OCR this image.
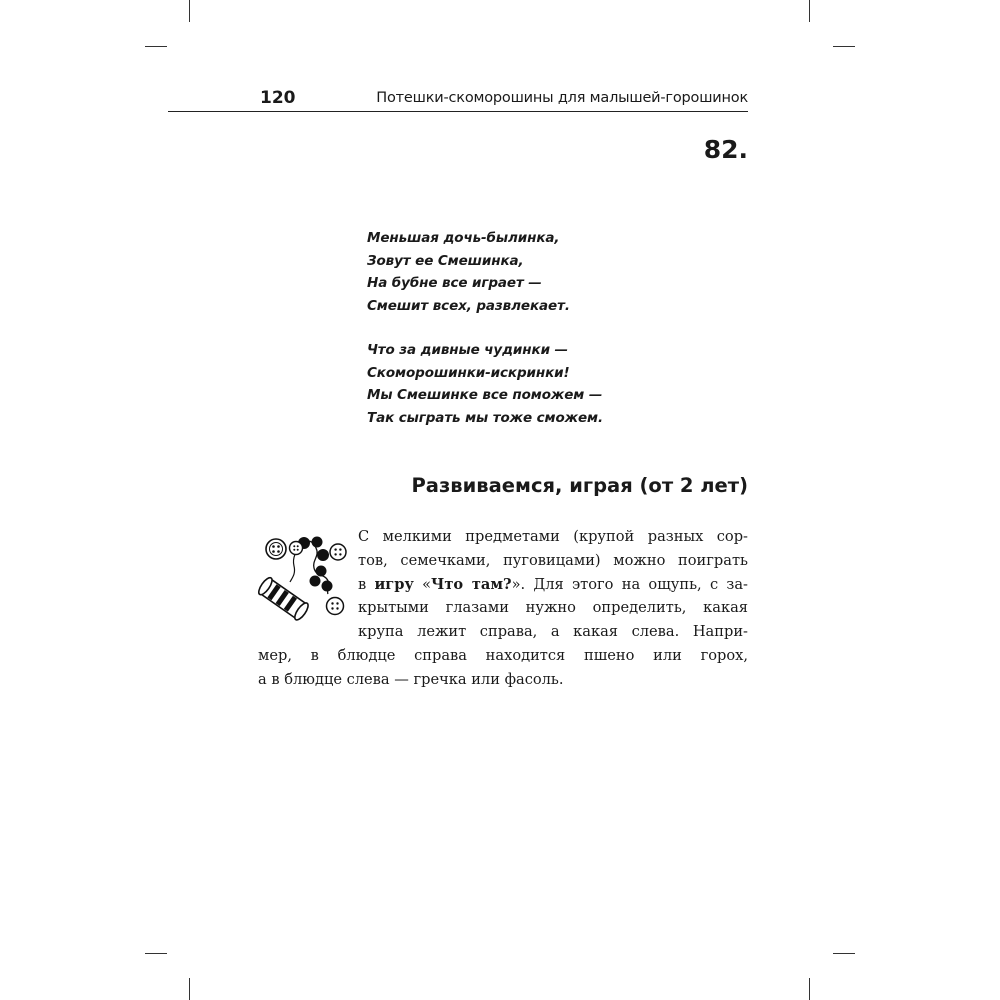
120	Потешки-скоморошины для малышей-горошинок
82.
Меньшая дочь-былинка,
Зовут ее Смешинка,
На бубне все играет —
Смешит всех, развлекает.
Что за дивные чудинки —
Скоморошинки-искринки!
Мы Смешинке все поможем —
Так сыграть мы тоже сможем.
Развиваемся, играя (от 2 лет)
С мелкими предметами (крупой разных сор-
тов, семечками, пуговицами) можно поиграть
в игру «Что там?». Для этого на ощупь, с за-
крытыми глазами нужно определить, какая
крупа лежит справа, а какая слева. Напри-
мер, в блюдце справа находится пшено или горох,
а в блюдце слева — гречка или фасоль.
